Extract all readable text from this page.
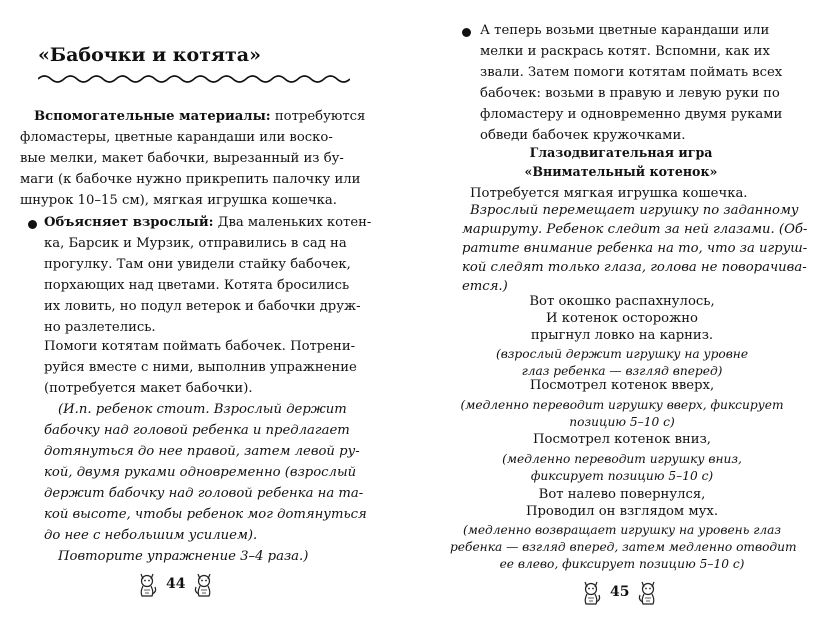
«Бабочки и котята»
Вспомогательные материалы: потребуются
фломастеры, цветные карандаши или воско-
вые мелки, макет бабочки, вырезанный из бу-
маги (к бабочке нужно прикрепить палочку или
шнурок 10–15 см), мягкая игрушка кошечка.
Объясняет взрослый: Два маленьких котен-
ка, Барсик и Мурзик, отправились в сад на
прогулку. Там они увидели стайку бабочек,
порхающих над цветами. Котята бросились
их ловить, но подул ветерок и бабочки друж-
но разлетелись.
Помоги котятам поймать бабочек. Потрени-
руйся вместе с ними, выполнив упражнение
(потребуется макет бабочки).
(И.п. ребенок стоит. Взрослый держит
бабочку над головой ребенка и предлагает
дотянуться до нее правой, затем левой ру-
кой, двумя руками одновременно (взрослый
держит бабочку над головой ребенка на та-
кой высоте, чтобы ребенок мог дотянуться
до нее с небольшим усилием).
Повторите упражнение 3–4 раза.)
44
А теперь возьми цветные карандаши или
мелки и раскрась котят. Вспомни, как их
звали. Затем помоги котятам поймать всех
бабочек: возьми в правую и левую руки по
фломастеру и одновременно двумя руками
обведи бабочек кружочками.
Глазодвигательная игра
«Внимательный котенок»
Потребуется мягкая игрушка кошечка.
Взрослый перемещает игрушку по заданному
маршруту. Ребенок следит за ней глазами. (Об-
ратите внимание ребенка на то, что за игруш-
кой следят только глаза, голова не поворачива-
ется.)
Вот окошко распахнулось,
И котенок осторожно
прыгнул ловко на карниз.
(взрослый держит игрушку на уровне
глаз ребенка — взгляд вперед)
Посмотрел котенок вверх,
(медленно переводит игрушку вверх, фиксирует
позицию 5–10 с)
Посмотрел котенок вниз,
(медленно переводит игрушку вниз,
фиксирует позицию 5–10 с)
Вот налево повернулся,
Проводил он взглядом мух.
(медленно возвращает игрушку на уровень глаз
ребенка — взгляд вперед, затем медленно отводит
ее влево, фиксирует позицию 5–10 с)
45
